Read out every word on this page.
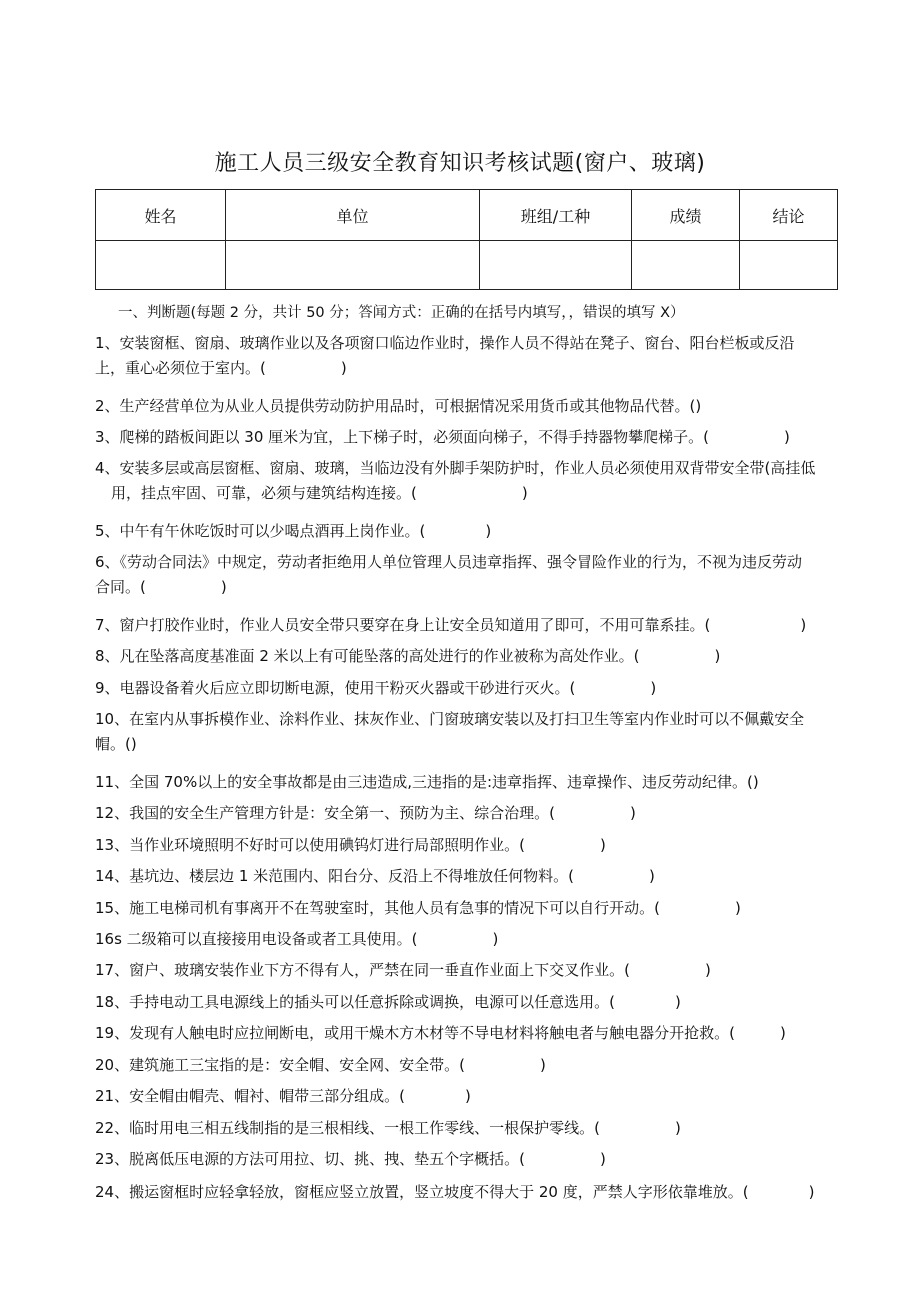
施工人员三级安全教育知识考核试题(窗户、玻璃)
姓名	单位	班组/工种	成绩	结论

一、判断题(每题 2 分，共计 50 分；答闻方式：正确的在括号内填写，，错误的填写 X）
1、安装窗框、窗扇、玻璃作业以及各项窗口临边作业时，操作人员不得站在凳子、窗台、阳台栏板或反沿
上，重心必须位于室内。(　　　　　)
2、生产经营单位为从业人员提供劳动防护用品时，可根据情况采用货币或其他物品代替。()
3、爬梯的踏板间距以 30 厘米为宜，上下梯子时，必须面向梯子，不得手持器物攀爬梯子。(　　　　　)
4、安装多层或高层窗框、窗扇、玻璃，当临边没有外脚手架防护时，作业人员必须使用双背带安全带(高挂低
用，挂点牢固、可靠，必须与建筑结构连接。(　　　　　　　)
5、中午有午休吃饭时可以少喝点酒再上岗作业。(　　　　)
6、《劳动合同法》中规定，劳动者拒绝用人单位管理人员违章指挥、强令冒险作业的行为，不视为违反劳动
合同。(　　　　　)
7、窗户打胶作业时，作业人员安全带只要穿在身上让安全员知道用了即可，不用可靠系挂。(　　　　　　)
8、凡在坠落高度基准面 2 米以上有可能坠落的高处进行的作业被称为高处作业。(　　　　　)
9、电器设备着火后应立即切断电源，使用干粉灭火器或干砂进行灭火。(　　　　　)
10、在室内从事拆模作业、涂料作业、抹灰作业、门窗玻璃安装以及打扫卫生等室内作业时可以不佩戴安全
帽。()
11、全国 70%以上的安全事故都是由三违造成,三违指的是:违章指挥、违章操作、违反劳动纪律。()
12、我国的安全生产管理方针是：安全第一、预防为主、综合治理。(　　　　　)
13、当作业环境照明不好时可以使用碘钨灯进行局部照明作业。(　　　　　)
14、基坑边、楼层边 1 米范围内、阳台分、反沿上不得堆放任何物料。(　　　　　)
15、施工电梯司机有事离开不在驾驶室时，其他人员有急事的情况下可以自行开动。(　　　　　)
16s 二级箱可以直接接用电设备或者工具使用。(　　　　　)
17、窗户、玻璃安装作业下方不得有人，严禁在同一垂直作业面上下交叉作业。(　　　　　)
18、手持电动工具电源线上的插头可以任意拆除或调换，电源可以任意选用。(　　　　)
19、发现有人触电时应拉闸断电，或用干燥木方木材等不导电材料将触电者与触电器分开抢救。(　　　)
20、建筑施工三宝指的是：安全帽、安全网、安全带。(　　　　　)
21、安全帽由帽壳、帽衬、帽带三部分组成。(　　　　)
22、临时用电三相五线制指的是三根相线、一根工作零线、一根保护零线。(　　　　　)
23、脱离低压电源的方法可用拉、切、挑、拽、垫五个字概括。(　　　　　)
24、搬运窗框时应轻拿轻放，窗框应竖立放置，竖立坡度不得大于 20 度，严禁人字形依靠堆放。(　　　　)
